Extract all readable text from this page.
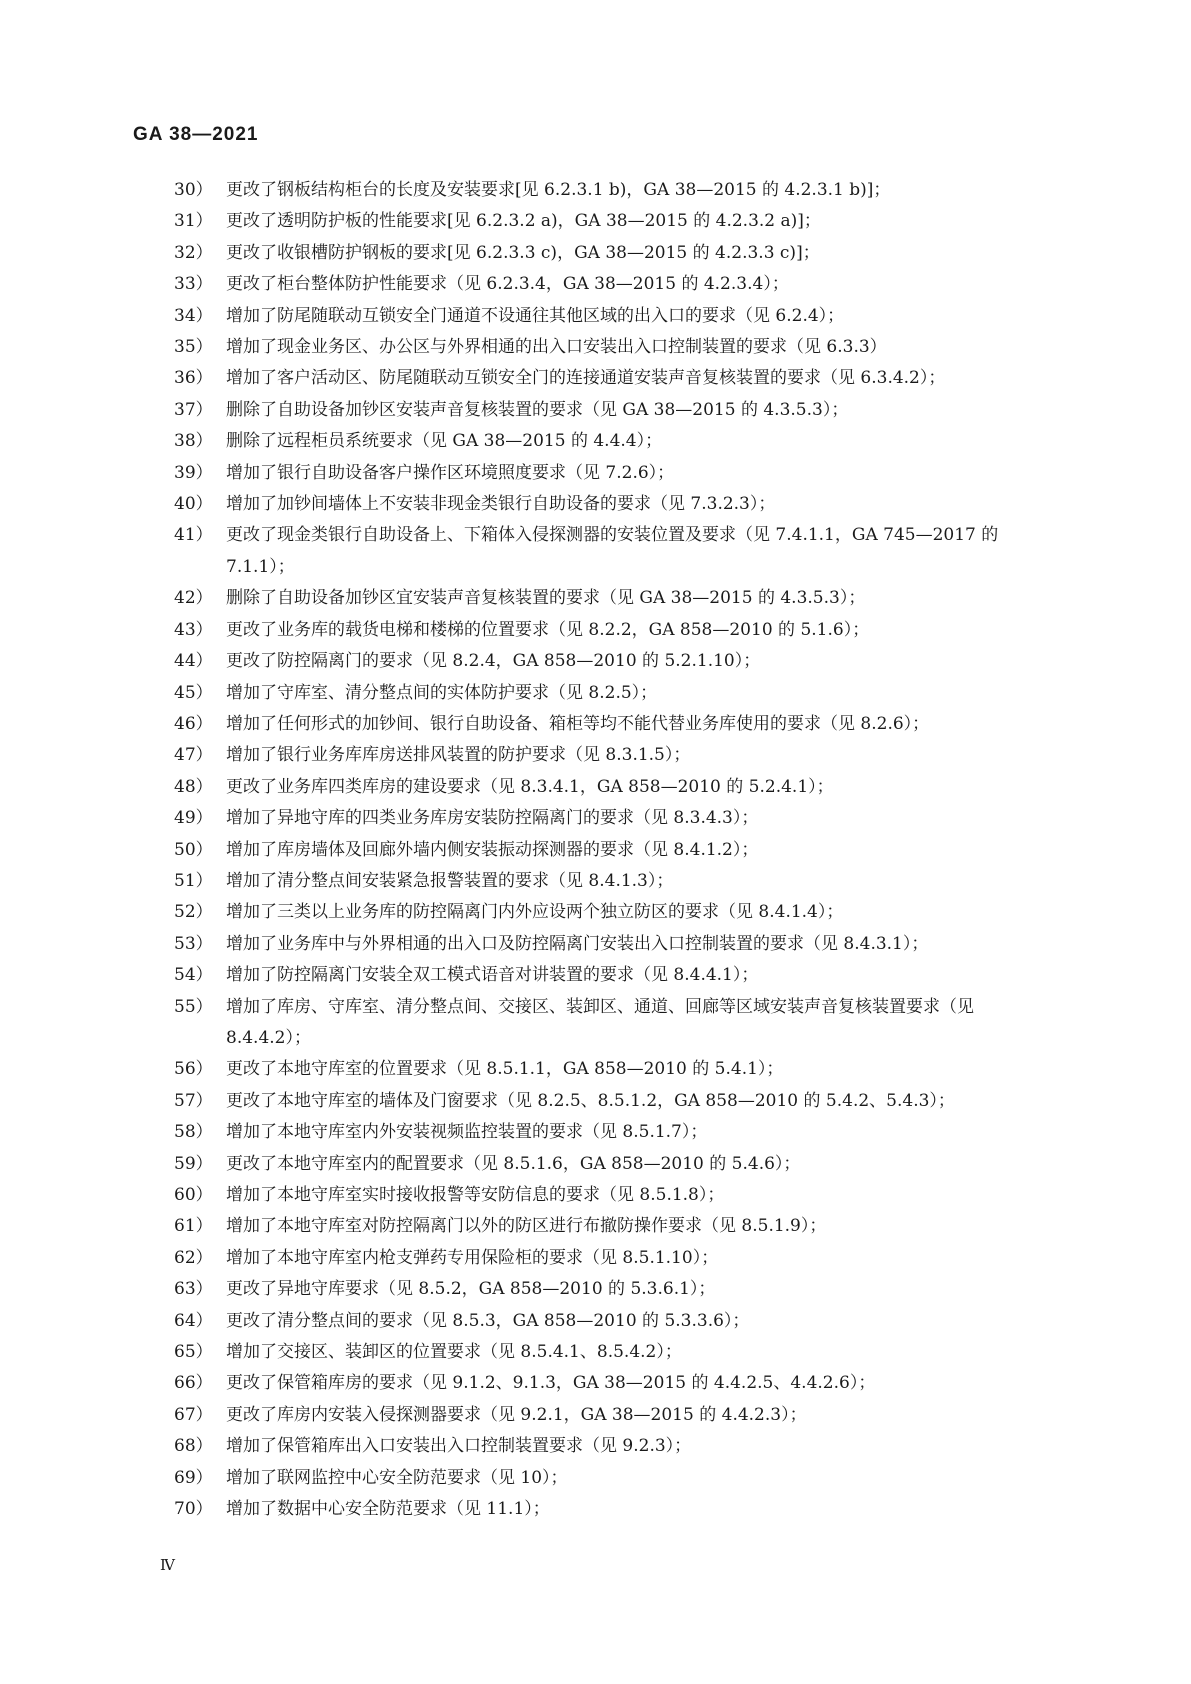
GA 38—2021
30） 更改了钢板结构柜台的长度及安装要求[见 6.2.3.1 b)，GA 38—2015 的 4.2.3.1 b)]；
31） 更改了透明防护板的性能要求[见 6.2.3.2 a)，GA 38—2015 的 4.2.3.2 a)]；
32） 更改了收银槽防护钢板的要求[见 6.2.3.3 c)，GA 38—2015 的 4.2.3.3 c)]；
33） 更改了柜台整体防护性能要求（见 6.2.3.4，GA 38—2015 的 4.2.3.4）；
34） 增加了防尾随联动互锁安全门通道不设通往其他区域的出入口的要求（见 6.2.4）；
35） 增加了现金业务区、办公区与外界相通的出入口安装出入口控制装置的要求（见 6.3.3）
36） 增加了客户活动区、防尾随联动互锁安全门的连接通道安装声音复核装置的要求（见 6.3.4.2）；
37） 删除了自助设备加钞区安装声音复核装置的要求（见 GA 38—2015 的 4.3.5.3）；
38） 删除了远程柜员系统要求（见 GA 38—2015 的 4.4.4）；
39） 增加了银行自助设备客户操作区环境照度要求（见 7.2.6）；
40） 增加了加钞间墙体上不安装非现金类银行自助设备的要求（见 7.3.2.3）；
41） 更改了现金类银行自助设备上、下箱体入侵探测器的安装位置及要求（见 7.4.1.1，GA 745—2017 的 7.1.1）；
42） 删除了自助设备加钞区宜安装声音复核装置的要求（见 GA 38—2015 的 4.3.5.3）；
43） 更改了业务库的载货电梯和楼梯的位置要求（见 8.2.2，GA 858—2010 的 5.1.6）；
44） 更改了防控隔离门的要求（见 8.2.4，GA 858—2010 的 5.2.1.10）；
45） 增加了守库室、清分整点间的实体防护要求（见 8.2.5）；
46） 增加了任何形式的加钞间、银行自助设备、箱柜等均不能代替业务库使用的要求（见 8.2.6）；
47） 增加了银行业务库库房送排风装置的防护要求（见 8.3.1.5）；
48） 更改了业务库四类库房的建设要求（见 8.3.4.1，GA 858—2010 的 5.2.4.1）；
49） 增加了异地守库的四类业务库房安装防控隔离门的要求（见 8.3.4.3）；
50） 增加了库房墙体及回廊外墙内侧安装振动探测器的要求（见 8.4.1.2）；
51） 增加了清分整点间安装紧急报警装置的要求（见 8.4.1.3）；
52） 增加了三类以上业务库的防控隔离门内外应设两个独立防区的要求（见 8.4.1.4）；
53） 增加了业务库中与外界相通的出入口及防控隔离门安装出入口控制装置的要求（见 8.4.3.1）；
54） 增加了防控隔离门安装全双工模式语音对讲装置的要求（见 8.4.4.1）；
55） 增加了库房、守库室、清分整点间、交接区、装卸区、通道、回廊等区域安装声音复核装置要求（见 8.4.4.2）；
56） 更改了本地守库室的位置要求（见 8.5.1.1，GA 858—2010 的 5.4.1）；
57） 更改了本地守库室的墙体及门窗要求（见 8.2.5、8.5.1.2，GA 858—2010 的 5.4.2、5.4.3）；
58） 增加了本地守库室内外安装视频监控装置的要求（见 8.5.1.7）；
59） 更改了本地守库室内的配置要求（见 8.5.1.6，GA 858—2010 的 5.4.6）；
60） 增加了本地守库室实时接收报警等安防信息的要求（见 8.5.1.8）；
61） 增加了本地守库室对防控隔离门以外的防区进行布撤防操作要求（见 8.5.1.9）；
62） 增加了本地守库室内枪支弹药专用保险柜的要求（见 8.5.1.10）；
63） 更改了异地守库要求（见 8.5.2，GA 858—2010 的 5.3.6.1）；
64） 更改了清分整点间的要求（见 8.5.3，GA 858—2010 的 5.3.3.6）；
65） 增加了交接区、装卸区的位置要求（见 8.5.4.1、8.5.4.2）；
66） 更改了保管箱库房的要求（见 9.1.2、9.1.3，GA 38—2015 的 4.4.2.5、4.4.2.6）；
67） 更改了库房内安装入侵探测器要求（见 9.2.1，GA 38—2015 的 4.4.2.3）；
68） 增加了保管箱库出入口安装出入口控制装置要求（见 9.2.3）；
69） 增加了联网监控中心安全防范要求（见 10）；
70） 增加了数据中心安全防范要求（见 11.1）；
Ⅳ
